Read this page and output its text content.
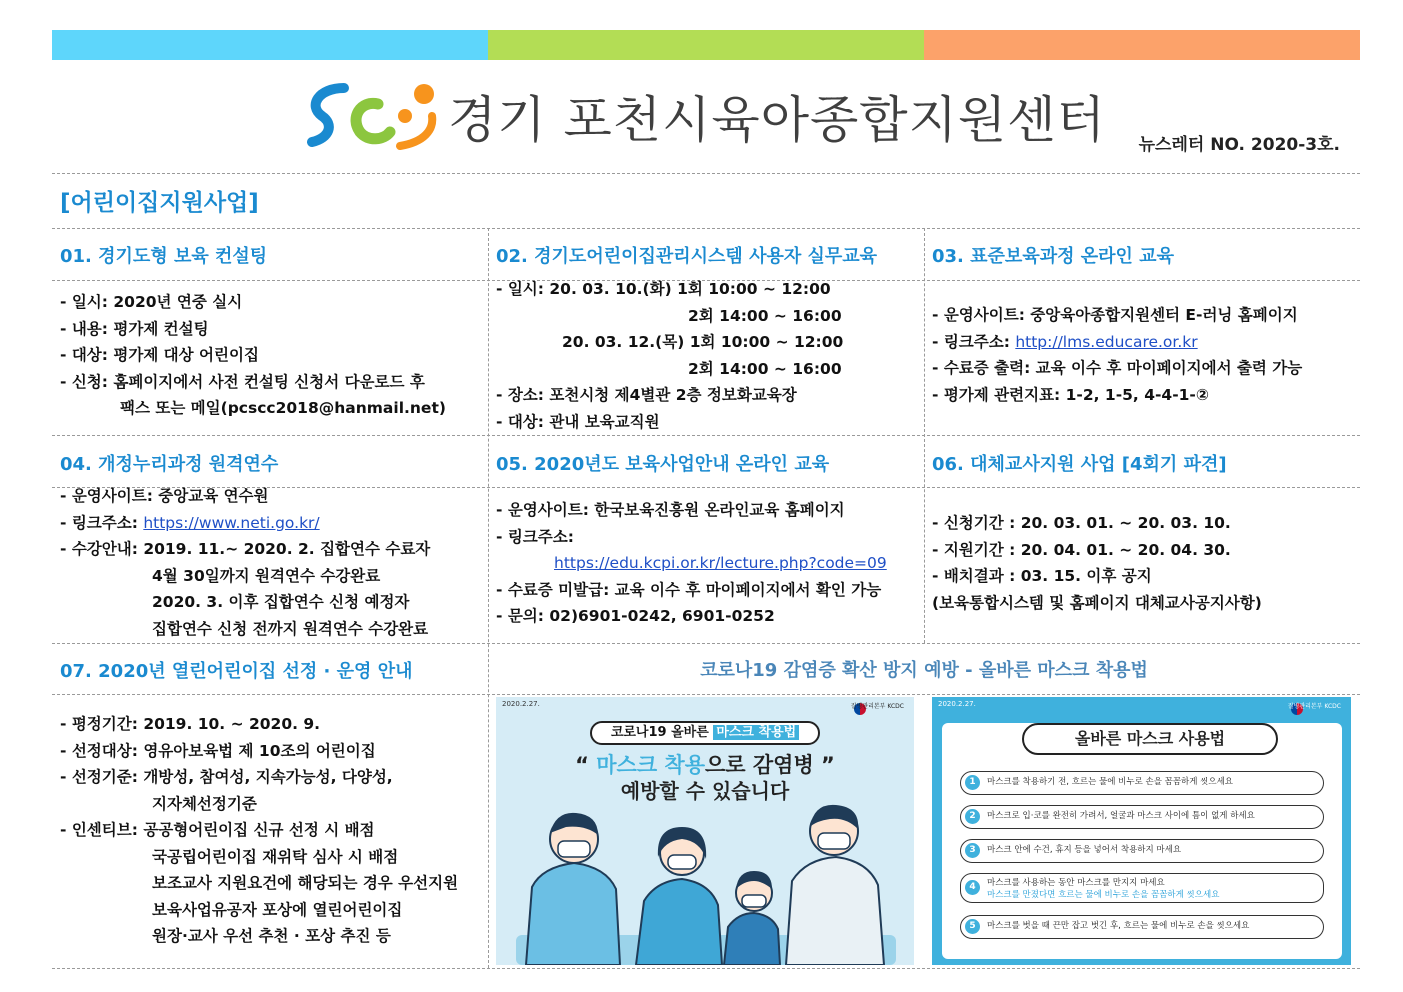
경기 포천시육아종합지원센터 뉴스레터 NO. 2020-3호.
[어린이집지원사업]
01. 경기도형 보육 컨설팅	02. 경기도어린이집관리시스템 사용자 실무교육	03. 표준보육과정 온라인 교육
- 일시: 2020년 연중 실시
- 내용: 평가제 컨설팅
- 대상: 평가제 대상 어린이집
- 신청: 홈페이지에서 사전 컨설팅 신청서 다운로드 후
팩스 또는 메일(pcscc2018@hanmail.net)
- 일시: 20. 03. 10.(화) 1회 10:00 ~ 12:00
2회 14:00 ~ 16:00
20. 03. 12.(목) 1회 10:00 ~ 12:00
2회 14:00 ~ 16:00
- 장소: 포천시청 제4별관 2층 정보화교육장
- 대상: 관내 보육교직원
- 운영사이트: 중앙육아종합지원센터 E-러닝 홈페이지
- 링크주소: http://lms.educare.or.kr
- 수료증 출력: 교육 이수 후 마이페이지에서 출력 가능
- 평가제 관련지표: 1-2, 1-5, 4-4-1-②
04. 개정누리과정 원격연수	05. 2020년도 보육사업안내 온라인 교육	06. 대체교사지원 사업 [4회기 파견]
- 운영사이트: 중앙교육 연수원
- 링크주소: https://www.neti.go.kr/
- 수강안내: 2019. 11.~ 2020. 2. 집합연수 수료자
4월 30일까지 원격연수 수강완료
2020. 3. 이후 집합연수 신청 예정자
집합연수 신청 전까지 원격연수 수강완료
- 운영사이트: 한국보육진흥원 온라인교육 홈페이지
- 링크주소:
https://edu.kcpi.or.kr/lecture.php?code=09
- 수료증 미발급: 교육 이수 후 마이페이지에서 확인 가능
- 문의: 02)6901-0242, 6901-0252
- 신청기간 : 20. 03. 01. ~ 20. 03. 10.
- 지원기간 : 20. 04. 01. ~ 20. 04. 30.
- 배치결과 : 03. 15. 이후 공지
(보육통합시스템 및 홈페이지 대체교사공지사항)
07. 2020년 열린어린이집 선정 · 운영 안내	코로나19 감염증 확산 방지 예방 - 올바른 마스크 착용법
- 평정기간: 2019. 10. ~ 2020. 9.
- 선정대상: 영유아보육법 제 10조의 어린이집
- 선정기준: 개방성, 참여성, 지속가능성, 다양성,
지자체선정기준
- 인센티브: 공공형어린이집 신규 선정 시 배점
국공립어린이집 재위탁 심사 시 배점
보조교사 지원요건에 해당되는 경우 우선지원
보육사업유공자 포상에 열린어린이집
원장·교사 우선 추천 · 포상 추진 등
2020.2.27.	질병관리본부 KCDC
코로나19 올바른 마스크 착용법
“ 마스크 착용으로 감염병 ”
예방할 수 있습니다
2020.2.27.	질병관리본부 KCDC
올바른 마스크 사용법
1	마스크를 착용하기 전, 흐르는 물에 비누로 손을 꼼꼼하게 씻으세요
2	마스크로 입·코를 완전히 가려서, 얼굴과 마스크 사이에 틈이 없게 하세요
3	마스크 안에 수건, 휴지 등을 넣어서 착용하지 마세요
4	마스크를 사용하는 동안 마스크를 만지지 마세요
마스크를 만졌다면 흐르는 물에 비누로 손을 꼼꼼하게 씻으세요
5	마스크를 벗을 때 끈만 잡고 벗긴 후, 흐르는 물에 비누로 손을 씻으세요
